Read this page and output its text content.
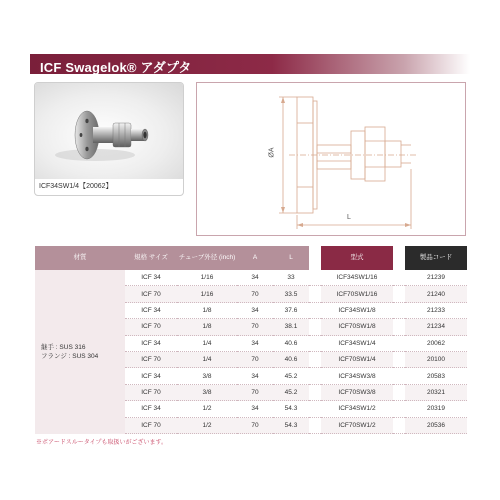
ICF Swagelok® アダプタ
ICF34SW1/4【20062】
ØA
L
材質	規格 サイズ	チューブ外径 (inch)	A	L		型式		製品コード

継手 : SUS 316
フランジ : SUS 304	ICF 34	1/16	34	33		ICF34SW1/16		21239
	ICF 70	1/16	70	33.5		ICF70SW1/16		21240
	ICF 34	1/8	34	37.6		ICF34SW1/8		21233
	ICF 70	1/8	70	38.1		ICF70SW1/8		21234
	ICF 34	1/4	34	40.6		ICF34SW1/4		20062
	ICF 70	1/4	70	40.6		ICF70SW1/4		20100
	ICF 34	3/8	34	45.2		ICF34SW3/8		20583
	ICF 70	3/8	70	45.2		ICF70SW3/8		20321
	ICF 34	1/2	34	54.3		ICF34SW1/2		20319
	ICF 70	1/2	70	54.3		ICF70SW1/2		20536
※ボアードスルータイプも取扱いがございます。
